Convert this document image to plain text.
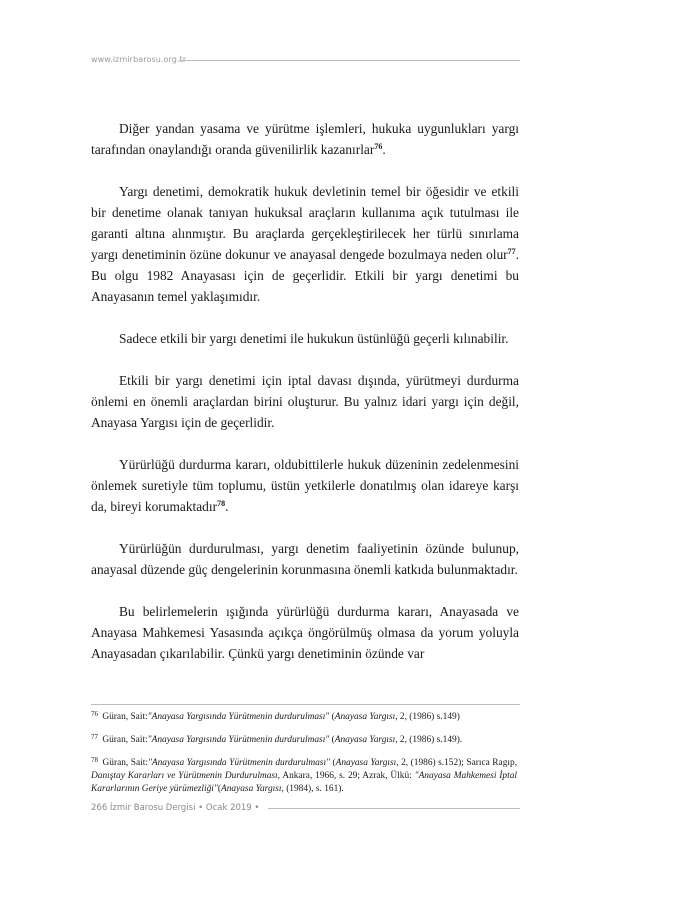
www.izmirbarosu.org.tr

Diğer yandan yasama ve yürütme işlemleri, hukuka uygunlukları yargı tarafından onaylandığı oranda güvenilirlik kazanırlar$^{76}$.

Yargı denetimi, demokratik hukuk devletinin temel bir öğesidir ve etkili bir denetime olanak tanıyan hukuksal araçların kullanıma açık tutulması ile garanti altına alınmıştır. Bu araçlarda gerçekleştirilecek her türlü sınırlama yargı denetiminin özüne dokunur ve anayasal dengede bozulmaya neden olur$^{77}$. Bu olgu 1982 Anayasası için de geçerlidir. Etkili bir yargı denetimi bu Anayasanın temel yaklaşımıdır.

Sadece etkili bir yargı denetimi ile hukukun üstünlüğü geçerli kılınabilir.

Etkili bir yargı denetimi için iptal davası dışında, yürütmeyi durdurma önlemi en önemli araçlardan birini oluşturur. Bu yalnız idari yargı için değil, Anayasa Yargısı için de geçerlidir.

Yürürlüğü durdurma kararı, oldubittilerle hukuk düzeninin zedelenmesini önlemek suretiyle tüm toplumu, üstün yetkilerle donatılmış olan idareye karşı da, bireyi korumaktadır$^{78}$.

Yürürlüğün durdurulması, yargı denetim faaliyetinin özünde bulunup, anayasal düzende güç dengelerinin korunmasına önemli katkıda bulunmaktadır.

Bu belirlemelerin ışığında yürürlüğü durdurma kararı, Anayasada ve Anayasa Mahkemesi Yasasında açıkça öngörülmüş olmasa da yorum yoluyla Anayasadan çıkarılabilir. Çünkü yargı denetiminin özünde var

$^{76}$ Güran, Sait:"Anayasa Yargısında Yürütmenin durdurulması" (Anayasa Yargısı, 2, (1986) s.149)

$^{77}$ Güran, Sait:"Anayasa Yargısında Yürütmenin durdurulması" (Anayasa Yargısı, 2, (1986) s.149).

$^{78}$ Güran, Sait:"Anayasa Yargısında Yürütmenin durdurulması" (Anayasa Yargısı, 2, (1986) s.152); Sarıca Ragıp, Danıştay Kararları ve Yürütmenin Durdurulması, Ankara, 1966, s. 29; Azrak, Ülkü: "Anayasa Mahkemesi İptal Kararlarının Geriye yürümezliği"(Anayasa Yargısı, (1984), s. 161).

266 İzmir Barosu Dergisi • Ocak 2019 •
